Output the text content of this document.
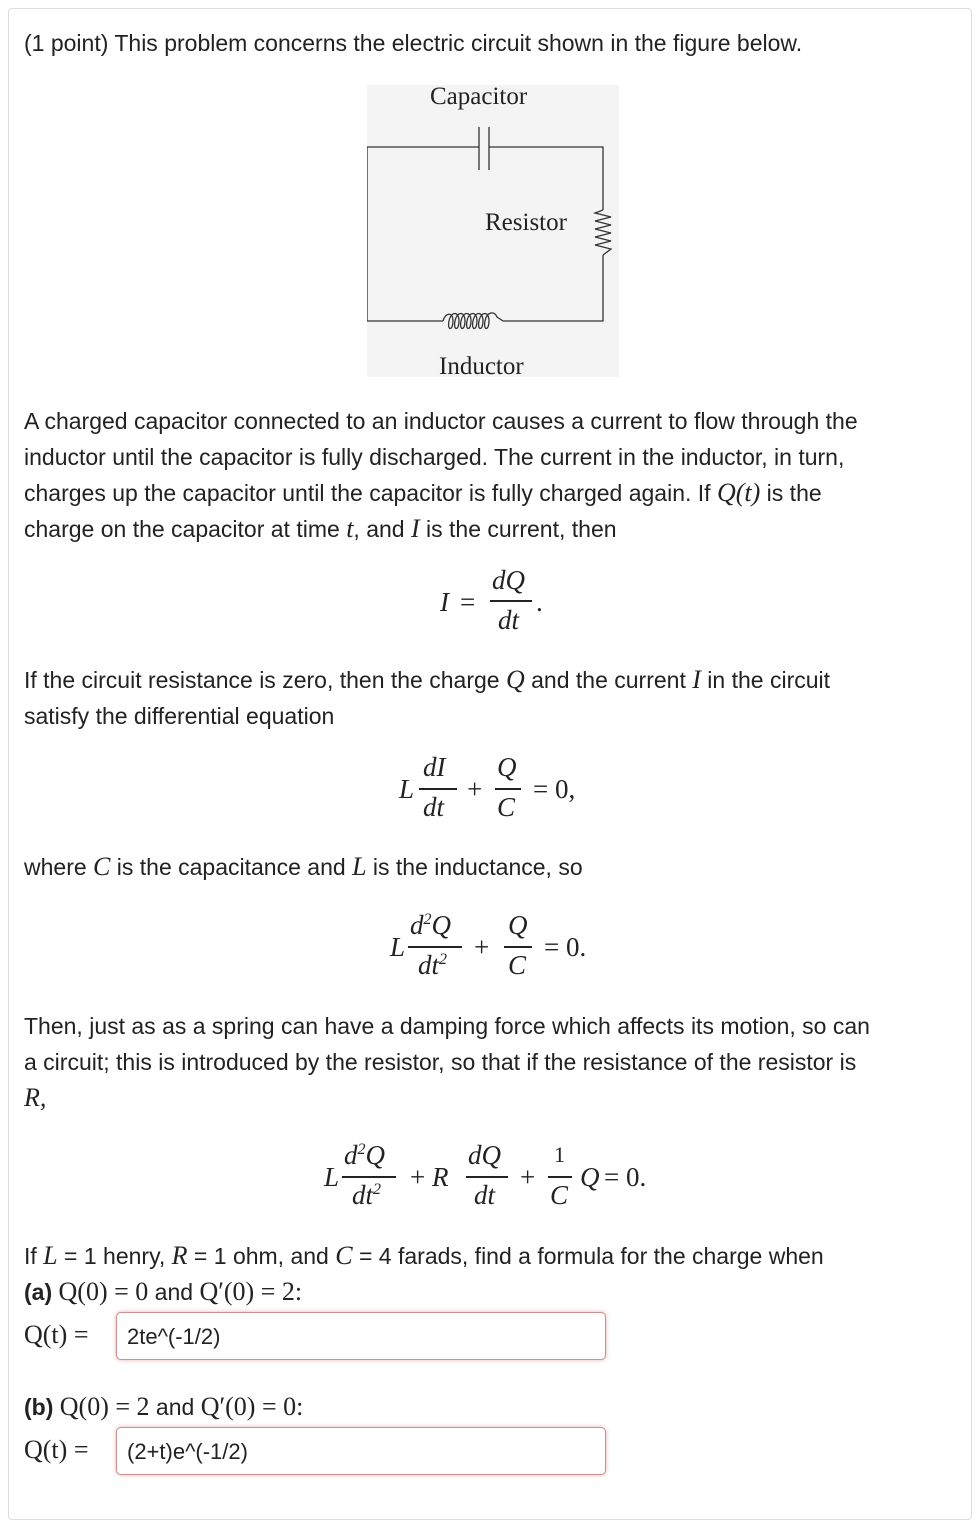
(1 point) This problem concerns the electric circuit shown in the figure below.

Capacitor
Resistor
Inductor

A charged capacitor connected to an inductor causes a current to flow through the
inductor until the capacitor is fully discharged. The current in the inductor, in turn,
charges up the capacitor until the capacitor is fully charged again. If Q(t) is the
charge on the capacitor at time t, and I is the current, then

I =
dQ
dt
.

If the circuit resistance is zero, then the charge Q and the current I in the circuit
satisfy the differential equation

L
dI
dt
+
Q
C
= 0,

where C is the capacitance and L is the inductance, so

L
$d^2Q$
$dt^2$ +
Q
C
= 0.

Then, just as as a spring can have a damping force which affects its motion, so can
a circuit; this is introduced by the resistor, so that if the resistance of the resistor is
R,

L
$d^2Q$
$dt^2 + R$
dQ
dt
+
1
C
Q = 0.

If L = 1 henry, R = 1 ohm, and C = 4 farads, find a formula for the charge when

(a) Q(0) = 0 and Q′(0) = 2:

Q(t) =	2te^(-1/2)

(b) Q(0) = 2 and Q′(0) = 0:

Q(t) =	(2+t)e^(-1/2)
